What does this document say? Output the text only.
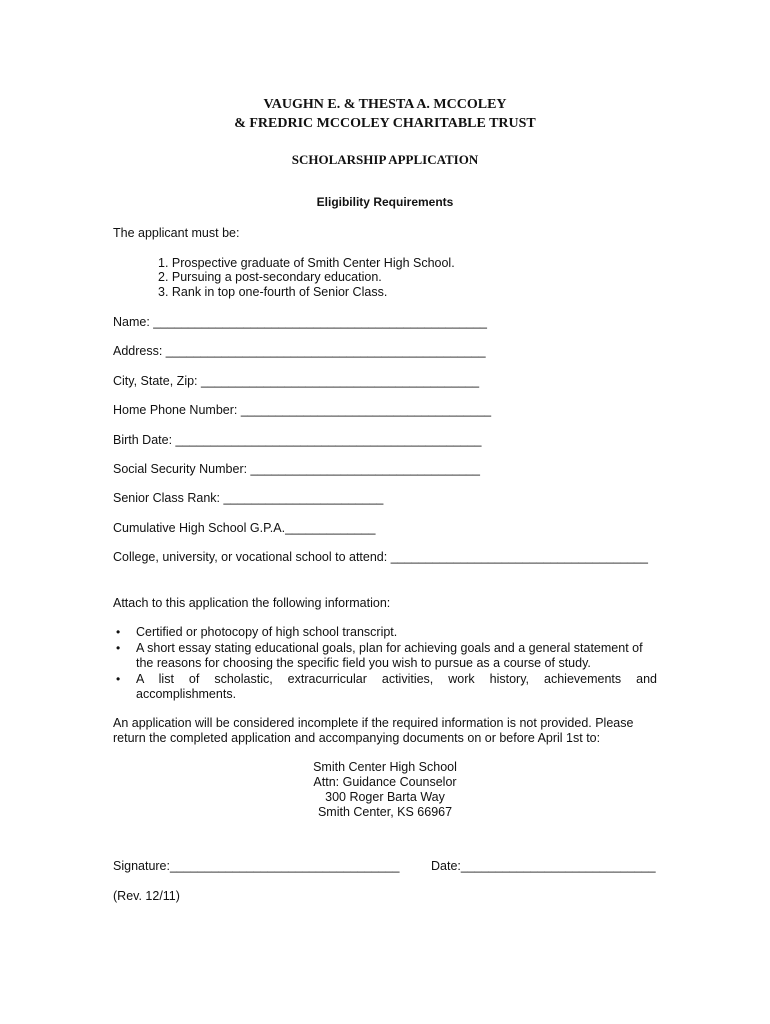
VAUGHN E. & THESTA A. MCCOLEY
& FREDRIC MCCOLEY CHARITABLE TRUST
SCHOLARSHIP APPLICATION
Eligibility Requirements
The applicant must be:
1. Prospective graduate of Smith Center High School.
2. Pursuing a post-secondary education.
3. Rank in top one-fourth of Senior Class.
Name: ________________________________________________
Address: ______________________________________________
City, State, Zip: ________________________________________
Home Phone Number: ____________________________________
Birth Date: ____________________________________________
Social Security Number: _________________________________
Senior Class Rank: _______________________
Cumulative High School G.P.A._____________
College, university, or vocational school to attend: _____________________________________
Attach to this application the following information:
• Certified or photocopy of high school transcript.
• A short essay stating educational goals, plan for achieving goals and a general statement of
the reasons for choosing the specific field you wish to pursue as a course of study.
• A list of scholastic, extracurricular activities, work history, achievements and
accomplishments.
An application will be considered incomplete if the required information is not provided. Please
return the completed application and accompanying documents on or before April 1st to:
Smith Center High School
Attn: Guidance Counselor
300 Roger Barta Way
Smith Center, KS 66967
Signature:_________________________________	Date:____________________________
(Rev. 12/11)
